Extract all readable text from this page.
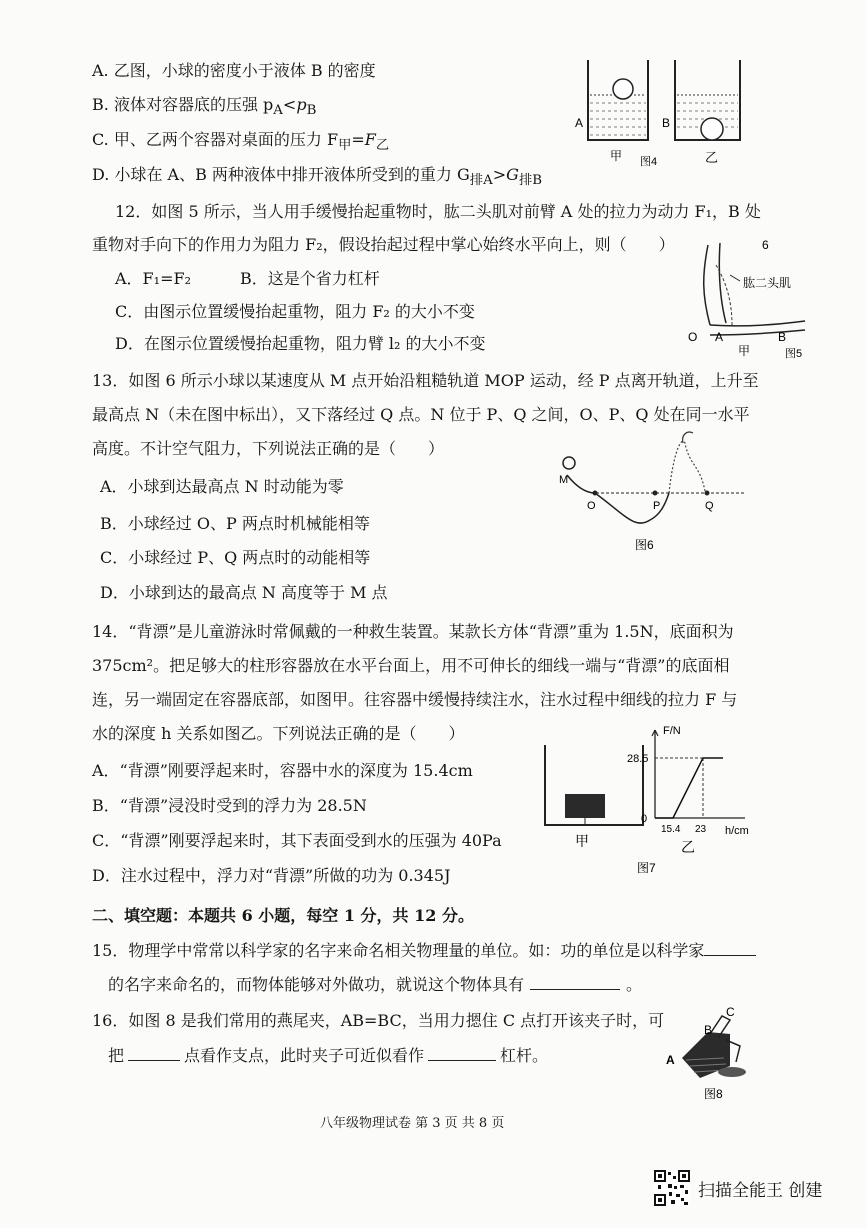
A. 乙图，小球的密度小于液体 B 的密度
B. 液体对容器底的压强 $p_A<p_B$
C. 甲、乙两个容器对桌面的压力 $F_甲=F_乙$
D. 小球在 A、B 两种液体中排开液体所受到的重力 $G_{排A}>G_{排B}$
A	B
甲 图4	乙
12．如图 5 所示，当人用手缓慢抬起重物时，肱二头肌对前臂 A 处的拉力为动力 F₁，B 处
重物对手向下的作用力为阻力 F₂，假设抬起过程中掌心始终水平向上，则（　　）
A．F₁=F₂	B．这是个省力杠杆
C．由图示位置缓慢抬起重物，阻力 F₂ 的大小不变
D．在图示位置缓慢抬起重物，阻力臂 l₂ 的大小不变
肱二头肌
6
O A	B
甲	图5
13．如图 6 所示小球以某速度从 M 点开始沿粗糙轨道 MOP 运动，经 P 点离开轨道，上升至
最高点 N（未在图中标出），又下落经过 Q 点。N 位于 P、Q 之间，O、P、Q 处在同一水平
高度。不计空气阻力，下列说法正确的是（　　）
A．小球到达最高点 N 时动能为零
B．小球经过 O、P 两点时机械能相等
C．小球经过 P、Q 两点时的动能相等
D．小球到达的最高点 N 高度等于 M 点
M
O	P	Q
图6
14．“背漂”是儿童游泳时常佩戴的一种救生装置。某款长方体“背漂”重为 1.5N，底面积为
375cm²。把足够大的柱形容器放在水平台面上，用不可伸长的细线一端与“背漂”的底面相
连，另一端固定在容器底部，如图甲。往容器中缓慢持续注水，注水过程中细线的拉力 F 与
水的深度 h 关系如图乙。下列说法正确的是（　　）
A．“背漂”刚要浮起来时，容器中水的深度为 15.4cm
B．“背漂”浸没时受到的浮力为 28.5N
C．“背漂”刚要浮起来时，其下表面受到水的压强为 40Pa
D．注水过程中，浮力对“背漂”所做的功为 0.345J
甲
F/N
28.5
0
15.4 23 h/cm
乙
图7
二、填空题：本题共 6 小题，每空 1 分，共 12 分。
15．物理学中常常以科学家的名字来命名相关物理量的单位。如：功的单位是以科学家
的名字来命名的，而物体能够对外做功，就说这个物体具有	。
16．如图 8 是我们常用的燕尾夹，AB=BC，当用力摁住 C 点打开该夹子时，可
把	点看作支点，此时夹子可近似看作	杠杆。	A
B
C
图8
八年级物理试卷 第 3 页 共 8 页
扫描全能王 创建
